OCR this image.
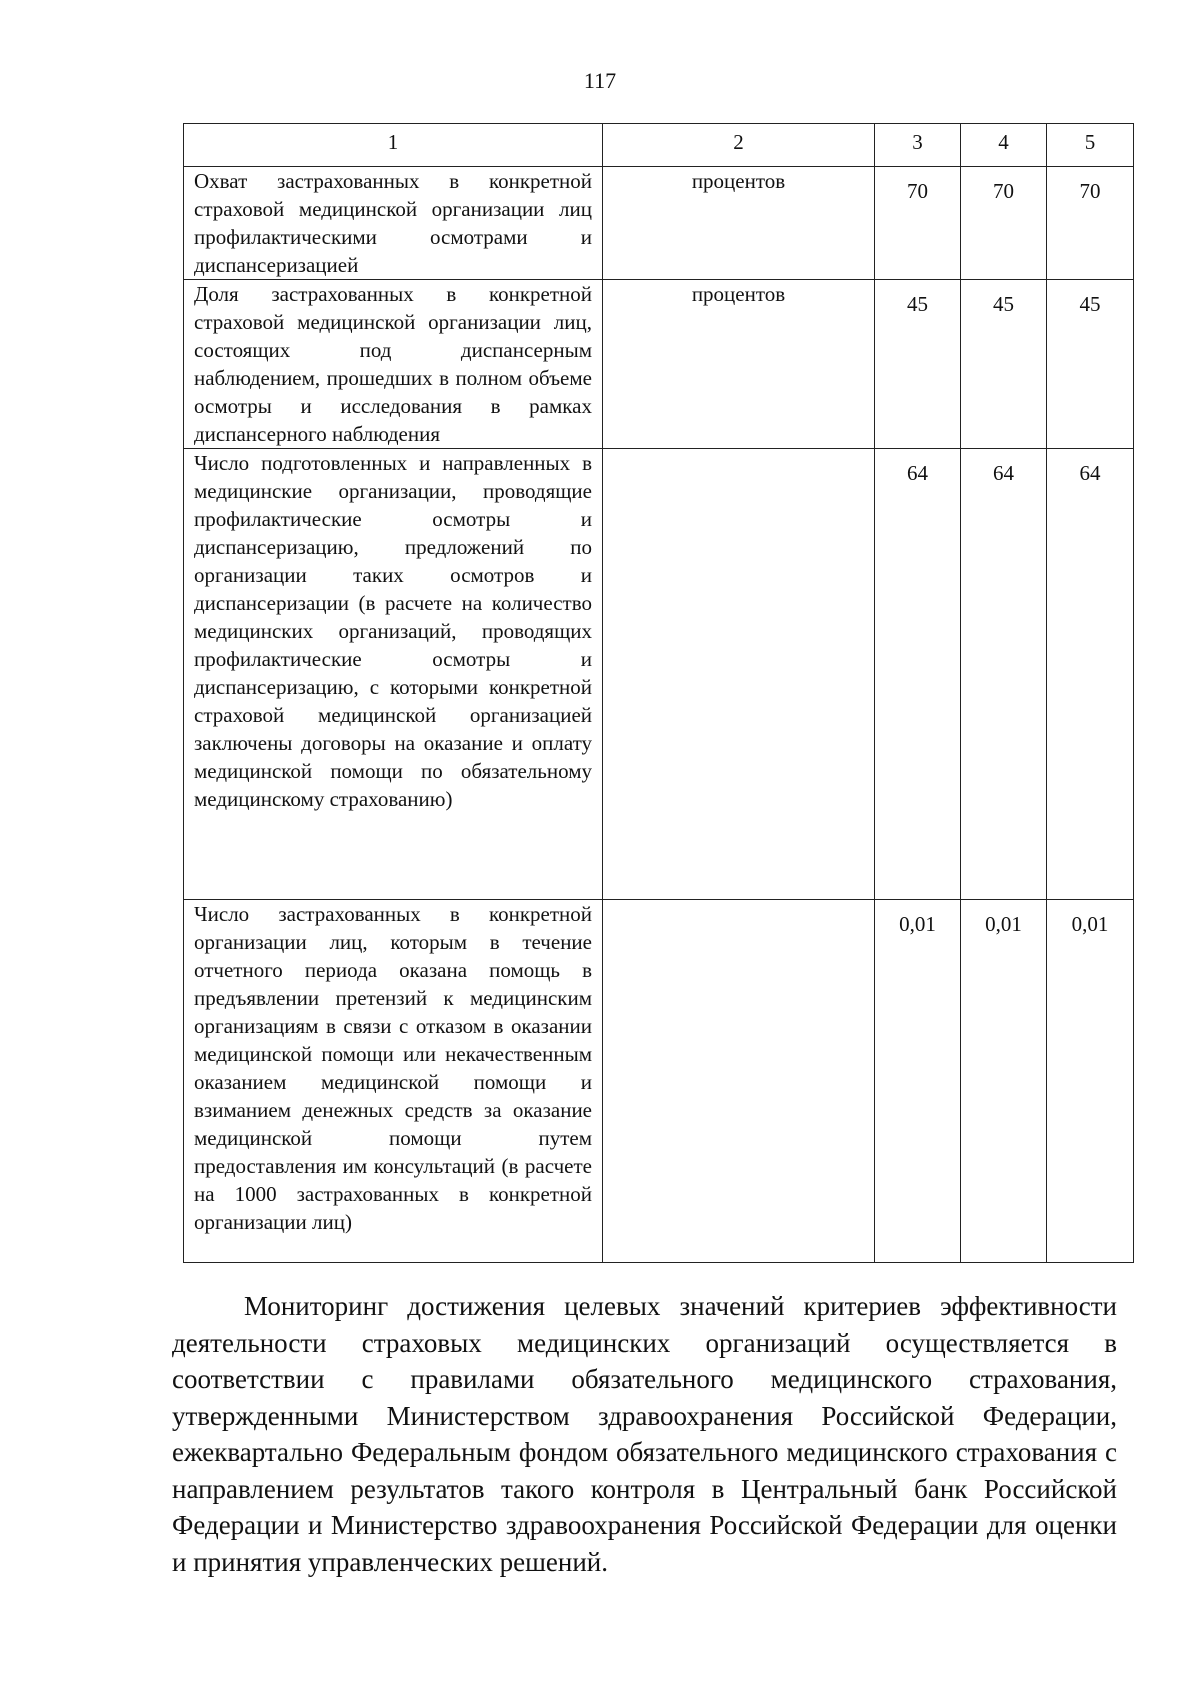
117
1	2	3	4	5
Охват застрахованных в конкретной страховой медицинской организации лиц профилактическими осмотрами и диспансеризацией	процентов	70	70	70
Доля застрахованных в конкретной страховой медицинской организации лиц, состоящих под диспансерным наблюдением, прошедших в полном объеме осмотры и исследования в рамках диспансерного наблюдения	процентов	45	45	45
Число подготовленных и направленных в медицинские организации, проводящие профилактические осмотры и диспансеризацию, предложений по организации таких осмотров и диспансеризации (в расчете на количество медицинских организаций, проводящих профилактические осмотры и диспансеризацию, с которыми конкретной страховой медицинской организацией заключены договоры на оказание и оплату медицинской помощи по обязательному медицинскому страхованию)		64	64	64
Число застрахованных в конкретной организации лиц, которым в течение отчетного периода оказана помощь в предъявлении претензий к медицинским организациям в связи с отказом в оказании медицинской помощи или некачественным оказанием медицинской помощи и взиманием денежных средств за оказание медицинской помощи путем предоставления им консультаций (в расчете на 1000 застрахованных в конкретной организации лиц)		0,01	0,01	0,01

Мониторинг достижения целевых значений критериев эффективности деятельности страховых медицинских организаций осуществляется в соответствии с правилами обязательного медицинского страхования, утвержденными Министерством здравоохранения Российской Федерации, ежеквартально Федеральным фондом обязательного медицинского страхования с направлением результатов такого контроля в Центральный банк Российской Федерации и Министерство здравоохранения Российской Федерации для оценки и принятия управленческих решений.
